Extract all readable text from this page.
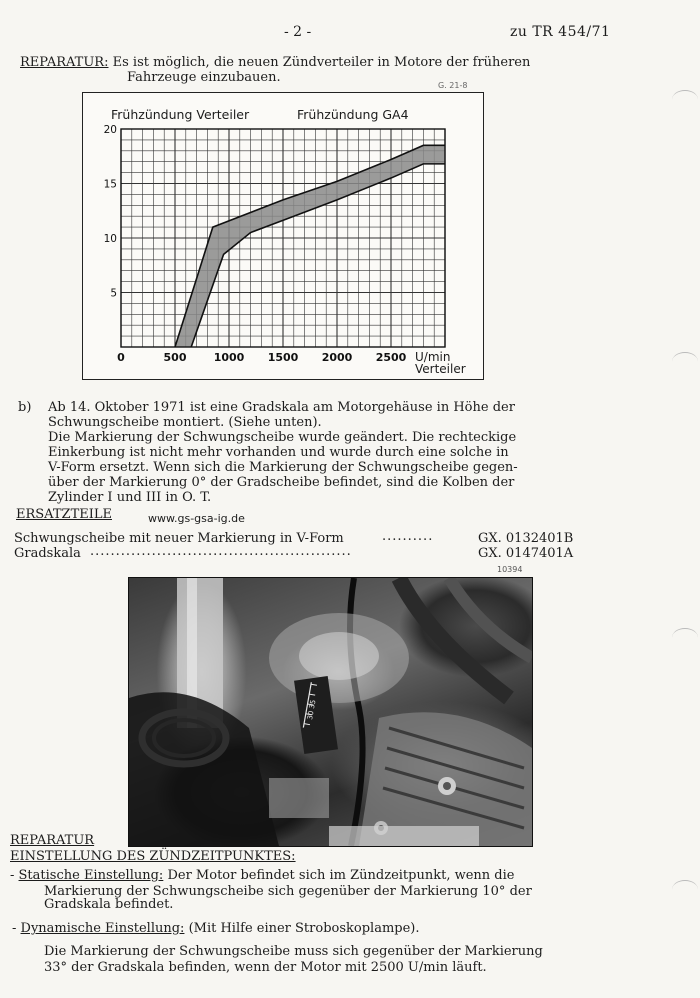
- 2 -	zu TR 454/71
REPARATUR: Es ist möglich, die neuen Zündverteiler in Motore der früheren
Fahrzeuge einzubauen.
G. 21-8
Frühzündung Verteiler	Frühzündung GA4
0	500 1000 1500 2000 2500
5
10
15
20
U/min
Verteiler
b) Ab 14. Oktober 1971 ist eine Gradskala am Motorgehäuse in Höhe der
Schwungscheibe montiert. (Siehe unten).
Die Markierung der Schwungscheibe wurde geändert. Die rechteckige
Einkerbung ist nicht mehr vorhanden und wurde durch eine solche in
V-Form ersetzt. Wenn sich die Markierung der Schwungscheibe gegen-
über der Markierung 0° der Gradscheibe befindet, sind die Kolben der
Zylinder I und III in O. T.
ERSATZTEILE	www.gs-gsa-ig.de
Schwungscheibe mit neuer Markierung in V-Form	..........	GX. 0132401B
Gradskala ...................................................	GX. 0147401A
10394
30 35
REPARATUR
EINSTELLUNG DES ZÜNDZEITPUNKTES:
- Statische Einstellung: Der Motor befindet sich im Zündzeitpunkt, wenn die
Markierung der Schwungscheibe sich gegenüber der Markierung 10° der
Gradskala befindet.
- Dynamische Einstellung: (Mit Hilfe einer Stroboskoplampe).
Die Markierung der Schwungscheibe muss sich gegenüber der Markierung
33° der Gradskala befinden, wenn der Motor mit 2500 U/min läuft.
